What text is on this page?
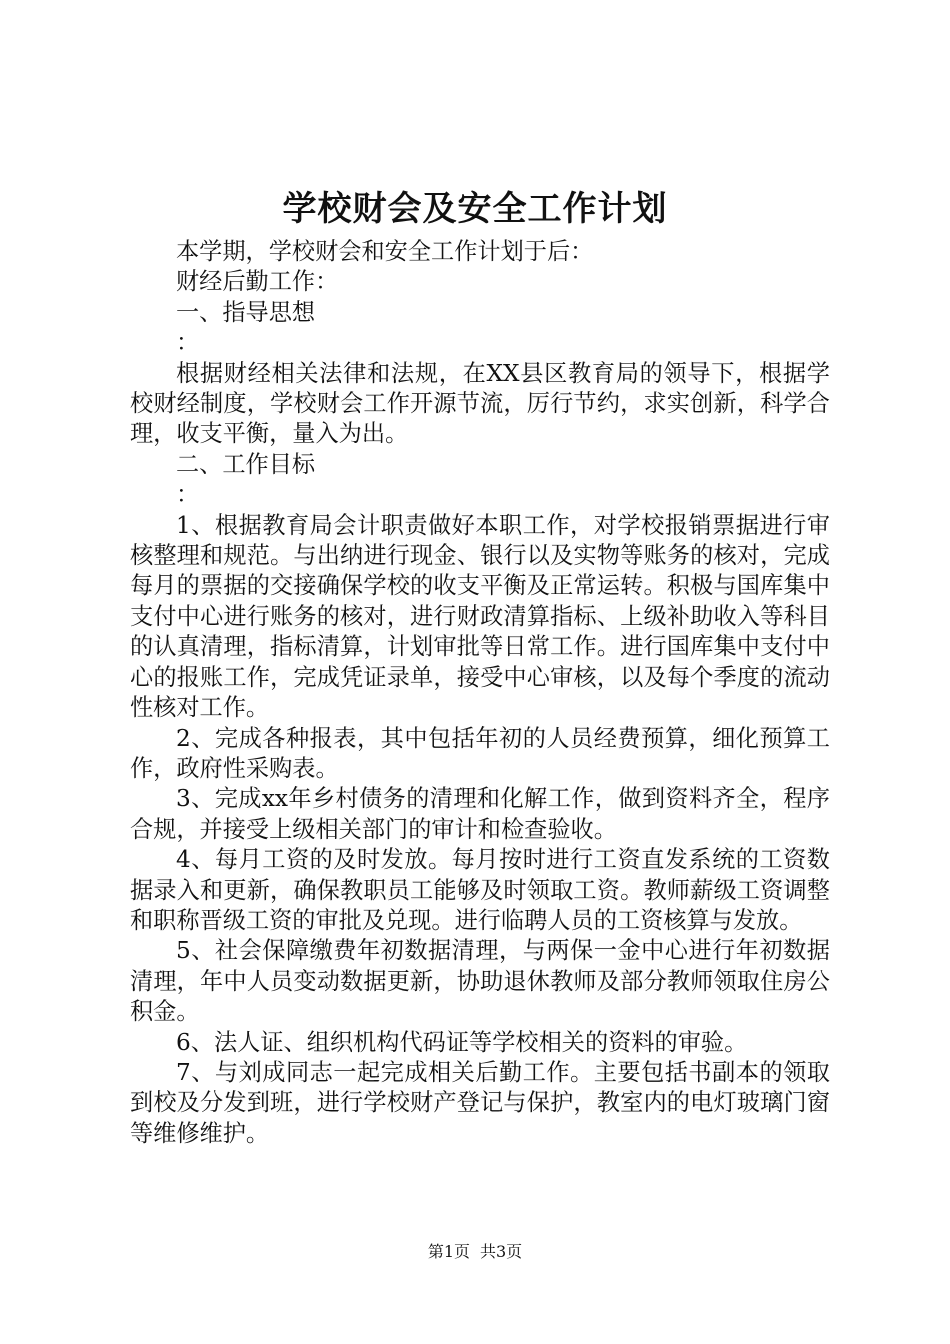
学校财会及安全工作计划

本学期，学校财会和安全工作计划于后：

财经后勤工作：

一、指导思想

：

根据财经相关法律和法规，在XX县区教育局的领导下，根据学校财经制度，学校财会工作开源节流，厉行节约，求实创新，科学合理，收支平衡，量入为出。

二、工作目标

：

1、根据教育局会计职责做好本职工作，对学校报销票据进行审核整理和规范。与出纳进行现金、银行以及实物等账务的核对，完成每月的票据的交接确保学校的收支平衡及正常运转。积极与国库集中支付中心进行账务的核对，进行财政清算指标、上级补助收入等科目的认真清理，指标清算，计划审批等日常工作。进行国库集中支付中心的报账工作，完成凭证录单，接受中心审核，以及每个季度的流动性核对工作。

2、完成各种报表，其中包括年初的人员经费预算，细化预算工作，政府性采购表。

3、完成xx年乡村债务的清理和化解工作，做到资料齐全，程序合规，并接受上级相关部门的审计和检查验收。

4、每月工资的及时发放。每月按时进行工资直发系统的工资数据录入和更新，确保教职员工能够及时领取工资。教师薪级工资调整和职称晋级工资的审批及兑现。进行临聘人员的工资核算与发放。

5、社会保障缴费年初数据清理，与两保一金中心进行年初数据清理，年中人员变动数据更新，协助退休教师及部分教师领取住房公积金。

6、法人证、组织机构代码证等学校相关的资料的审验。

7、与刘成同志一起完成相关后勤工作。主要包括书副本的领取到校及分发到班，进行学校财产登记与保护，教室内的电灯玻璃门窗等维修维护。

第1页 共3页
